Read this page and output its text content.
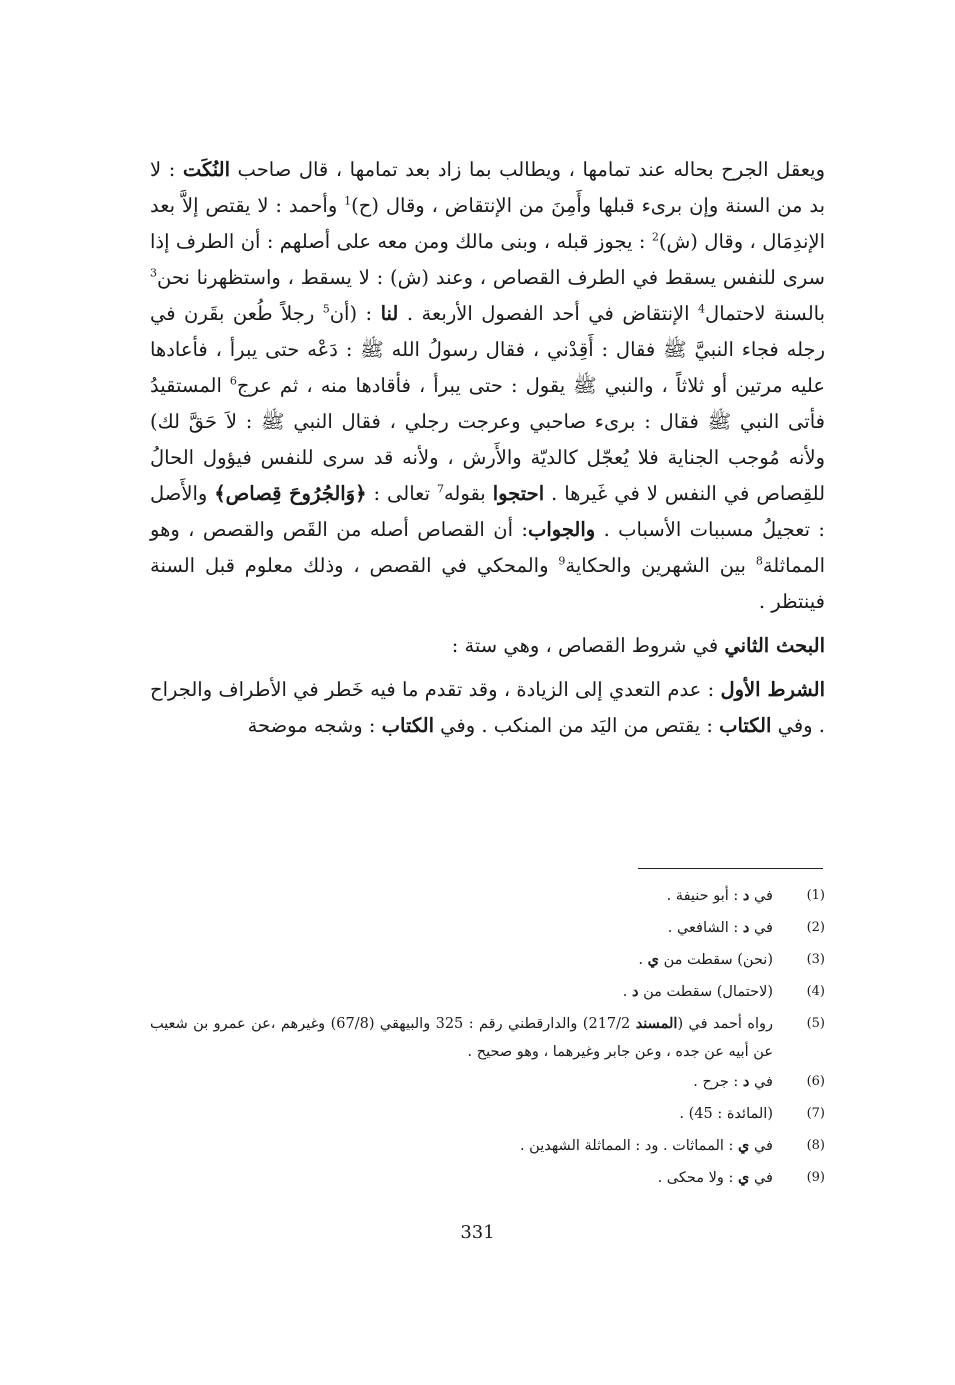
ويعقل الجرح بحاله عند تمامها ، ويطالب بما زاد بعد تمامها ، قال صاحب النُكَت : لا بد من السنة وإن برىء قبلها وأَمِنَ من الإنتقاض ، وقال (ح)$^1$ وأحمد : لا يقتص إلاَّ بعد الإندِمَال ، وقال (ش)$^2$ : يجوز قبله ، وبنى مالك ومن معه على أصلهم : أن الطرف إذا سرى للنفس يسقط في الطرف القصاص ، وعند (ش) : لا يسقط ، واستظهرنا نحن$^3$ بالسنة لاحتمال$^4$ الإنتقاض في أحد الفصول الأربعة . لنا : (أن$^5$ رجلاً طُعن بقَرن في رجله فجاء النبيَّ ﷺ فقال : أَقِدْني ، فقال رسولُ الله ﷺ : دَعْه حتى يبرأ ، فأعادها عليه مرتين أو ثلاثاً ، والنبي ﷺ يقول : حتى يبرأ ، فأقادها منه ، ثم عرج$^6$ المستقيدُ فأتى النبي ﷺ فقال : برىء صاحبي وعرجت رجلي ، فقال النبي ﷺ : لاَ حَقَّ لك) ولأنه مُوجب الجناية فلا يُعجّل كالديّة والأَرش ، ولأنه قد سرى للنفس فيؤول الحالُ للقِصاص في النفس لا في غَيرها . احتجوا بقوله$^7$ تعالى : ﴿وَالجُرُوحَ قِصاص﴾ والأَصل : تعجيلُ مسببات الأسباب . والجواب: أن القصاص أصله من القَص والقصص ، وهو المماثلة$^8$ بين الشهرين والحكاية$^9$ والمحكي في القصص ، وذلك معلوم قبل السنة فينتظر .

البحث الثاني في شروط القصاص ، وهي ستة :

الشرط الأول : عدم التعدي إلى الزيادة ، وقد تقدم ما فيه خَطر في الأطراف والجراح . وفي الكتاب : يقتص من اليَد من المنكب . وفي الكتاب : وشجه موضحة

(1)
في د : أبو حنيفة .
(2)
في د : الشافعي .
(3)
(نحن) سقطت من ي .
(4)
(لاحتمال) سقطت من د .
(5)
رواه أحمد في (المسند 217/2) والدارقطني رقم : 325 والبيهقي (67/8) وغيرهم ،عن عمرو بن شعيب عن أبيه عن جده ، وعن جابر وغيرهما ، وهو صحيح .
(6)
في د : جرح .
(7)
(المائدة : 45) .
(8)
في ي : المماثات . ود : المماثلة الشهدين .
(9)
في ي : ولا محكى .
331
